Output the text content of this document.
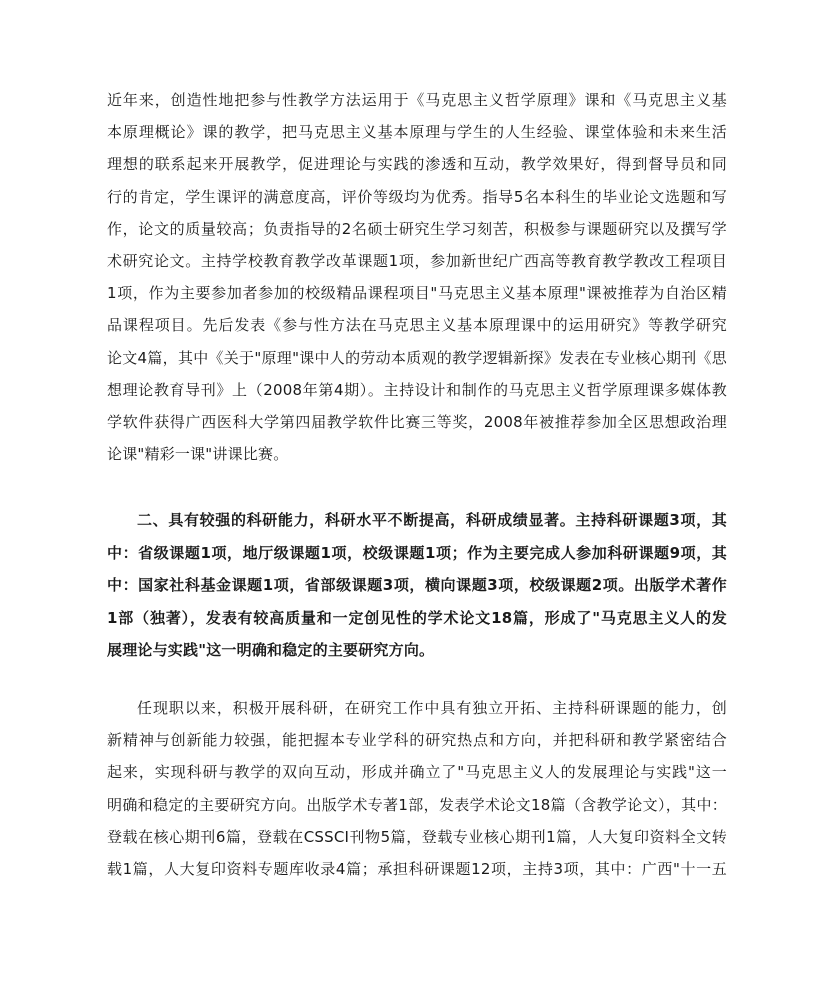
近年来，创造性地把参与性教学方法运用于《马克思主义哲学原理》课和《马克思主义基
本原理概论》课的教学，把马克思主义基本原理与学生的人生经验、课堂体验和未来生活
理想的联系起来开展教学，促进理论与实践的渗透和互动，教学效果好，得到督导员和同
行的肯定，学生课评的满意度高，评价等级均为优秀。指导5名本科生的毕业论文选题和写
作，论文的质量较高；负责指导的2名硕士研究生学习刻苦，积极参与课题研究以及撰写学
术研究论文。主持学校教育教学改革课题1项，参加新世纪广西高等教育教学教改工程项目
1项，作为主要参加者参加的校级精品课程项目"马克思主义基本原理"课被推荐为自治区精
品课程项目。先后发表《参与性方法在马克思主义基本原理课中的运用研究》等教学研究
论文4篇，其中《关于"原理"课中人的劳动本质观的教学逻辑新探》发表在专业核心期刊《思
想理论教育导刊》上（2008年第4期）。主持设计和制作的马克思主义哲学原理课多媒体教
学软件获得广西医科大学第四届教学软件比赛三等奖，2008年被推荐参加全区思想政治理
论课"精彩一课"讲课比赛。
二、具有较强的科研能力，科研水平不断提高，科研成绩显著。主持科研课题3项，其
中：省级课题1项，地厅级课题1项，校级课题1项；作为主要完成人参加科研课题9项，其
中：国家社科基金课题1项，省部级课题3项，横向课题3项，校级课题2项。出版学术著作
1部（独著），发表有较高质量和一定创见性的学术论文18篇，形成了"马克思主义人的发
展理论与实践"这一明确和稳定的主要研究方向。
任现职以来，积极开展科研，在研究工作中具有独立开拓、主持科研课题的能力，创
新精神与创新能力较强，能把握本专业学科的研究热点和方向，并把科研和教学紧密结合
起来，实现科研与教学的双向互动，形成并确立了"马克思主义人的发展理论与实践"这一
明确和稳定的主要研究方向。出版学术专著1部，发表学术论文18篇（含教学论文），其中：
登载在核心期刊6篇，登载在CSSCI刊物5篇，登载专业核心期刊1篇，人大复印资料全文转
载1篇，人大复印资料专题库收录4篇；承担科研课题12项，主持3项，其中：广西"十一五
